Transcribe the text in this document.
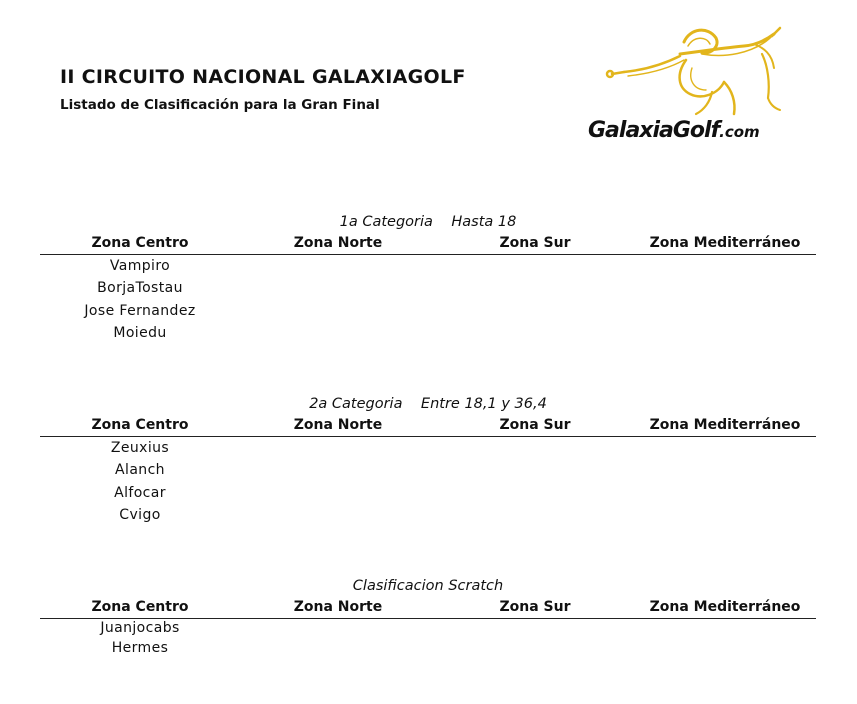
II CIRCUITO NACIONAL GALAXIAGOLF
Listado de Clasificación para la Gran Final
GalaxiaGolf.com
1a Categoria    Hasta 18
Zona Centro	Zona Norte	Zona Sur	Zona Mediterráneo
Vampiro
BorjaTostau
Jose Fernandez
Moiedu
2a Categoria    Entre 18,1 y 36,4
Zona Centro	Zona Norte	Zona Sur	Zona Mediterráneo
Zeuxius
Alanch
Alfocar
Cvigo
Clasificacion Scratch
Zona Centro	Zona Norte	Zona Sur	Zona Mediterráneo
Juanjocabs
Hermes
